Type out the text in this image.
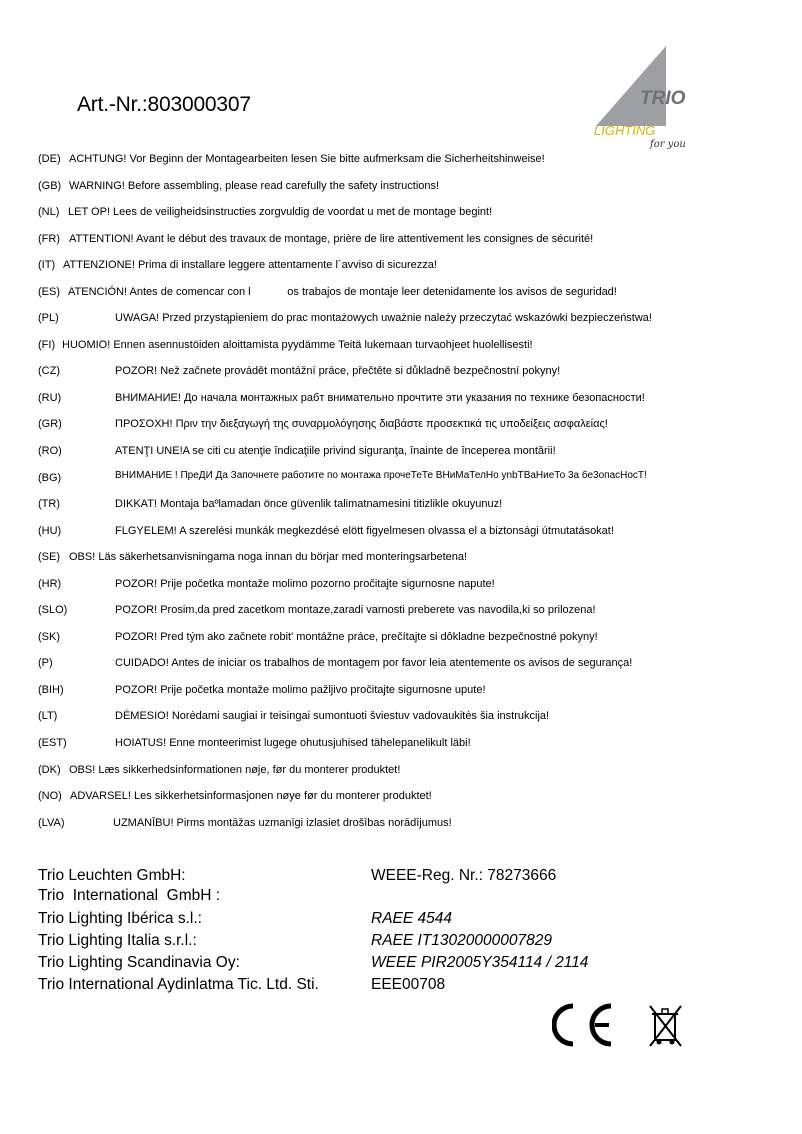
Art.-Nr.:803000307	TRIO
LIGHTING
for you
(DE) ACHTUNG! Vor Beginn der Montagearbeiten lesen Sie bitte aufmerksam die Sicherheitshinweise!
(GB) WARNING! Before assembling, please read carefully the safety instructions!
(NL) LET OP! Lees de veiligheidsinstructies zorgvuldig de voordat u met de montage begint!
(FR) ATTENTION! Avant le début des travaux de montage, prière de lire attentivement les consignes de sécurité!
(IT) ATTENZIONE! Prima di installare leggere attentamente l´avviso di sicurezza!
(ES) ATENCIÓN! Antes de comencar con l            os trabajos de montaje leer detenidamente los avisos de seguridad!
(PL)	UWAGA! Przed przystąpieniem do prac montażowych uważnie należy przeczytać wskazówki bezpieczeństwa!
(FI) HUOMIO! Ennen asennustöiden aloittamista pyydämme Teitä lukemaan turvaohjeet huolellisesti!
(CZ)	POZOR! Než začnete provádět montážní práce, přečtěte si důkladně bezpečnostní pokyny!
(RU)	ВНИМАНИЕ! До начала монтажных рабт внимательно прочтите эти указания по технике безопасности!
(GR)	ΠΡΟΣΟΧΗ! Πριν την διεξαγωγή της συναρμολόγησης διαβάστε προσεκτικά τις υποδείξεις ασφαλείας!
(RO)	ATENŢI UNE!A se citi cu atenţie îndicaţiile privind siguranţa, înainte de începerea montării!
(BG)	ВНИМАНИЕ ! ПреДИ Да Започнете работите по монтажа прочеТеТе ВНиМаТелНо ynbТВаНиеТо 3а бе3опасНосТ!
(TR)	DIKKAT! Montaja baºlamadan önce güvenlik talimatnamesini titizlikle okuyunuz!
(HU)	FLGYELEM! A szerelési munkák megkezdésé elött figyelmesen olvassa el a biztonsági útmutatásokat!
(SE) OBS! Läs säkerhetsanvisningama noga innan du börjar med monteringsarbetena!
(HR)	POZOR! Prije početka montaže molimo pozorno pročitajte sigurnosne napute!
(SLO)	POZOR! Prosim,da pred zacetkom montaze,zaradi varnosti preberete vas navodila,ki so prilozena!
(SK)	POZOR! Pred tým ako začnete robit' montážne práce, prečítajte si dôkladne bezpečnostné pokyny!
(P)	CUIDADO! Antes de iniciar os trabalhos de montagem por favor leia atentemente os avisos de segurança!
(BIH)	POZOR! Prije početka montaže molimo pažljivo pročitajte sigurnosne upute!
(LT)	DĖMESIO! Norėdami saugiai ir teisingai sumontuoti šviestuv vadovaukitės šia instrukcija!
(EST)	HOIATUS! Enne monteerimist lugege ohutusjuhised tähelepanelikult läbi!
(DK) OBS! Læs sikkerhedsinformationen nøje, før du monterer produktet!
(NO) ADVARSEL! Les sikkerhetsinformasjonen nøye før du monterer produktet!
(LVA)	UZMANĪBU! Pirms montāžas uzmanīgi izlasiet drošības norādījumus!
Trio Leuchten GmbH:	WEEE-Reg. Nr.: 78273666
Trio  International  GmbH :
Trio Lighting Ibérica s.l.:	RAEE 4544
Trio Lighting Italia s.r.l.:	RAEE IT13020000007829
Trio Lighting Scandinavia Oy:	WEEE PIR2005Y354114 / 2114
Trio International Aydinlatma Tic. Ltd. Sti.	EEE00708
